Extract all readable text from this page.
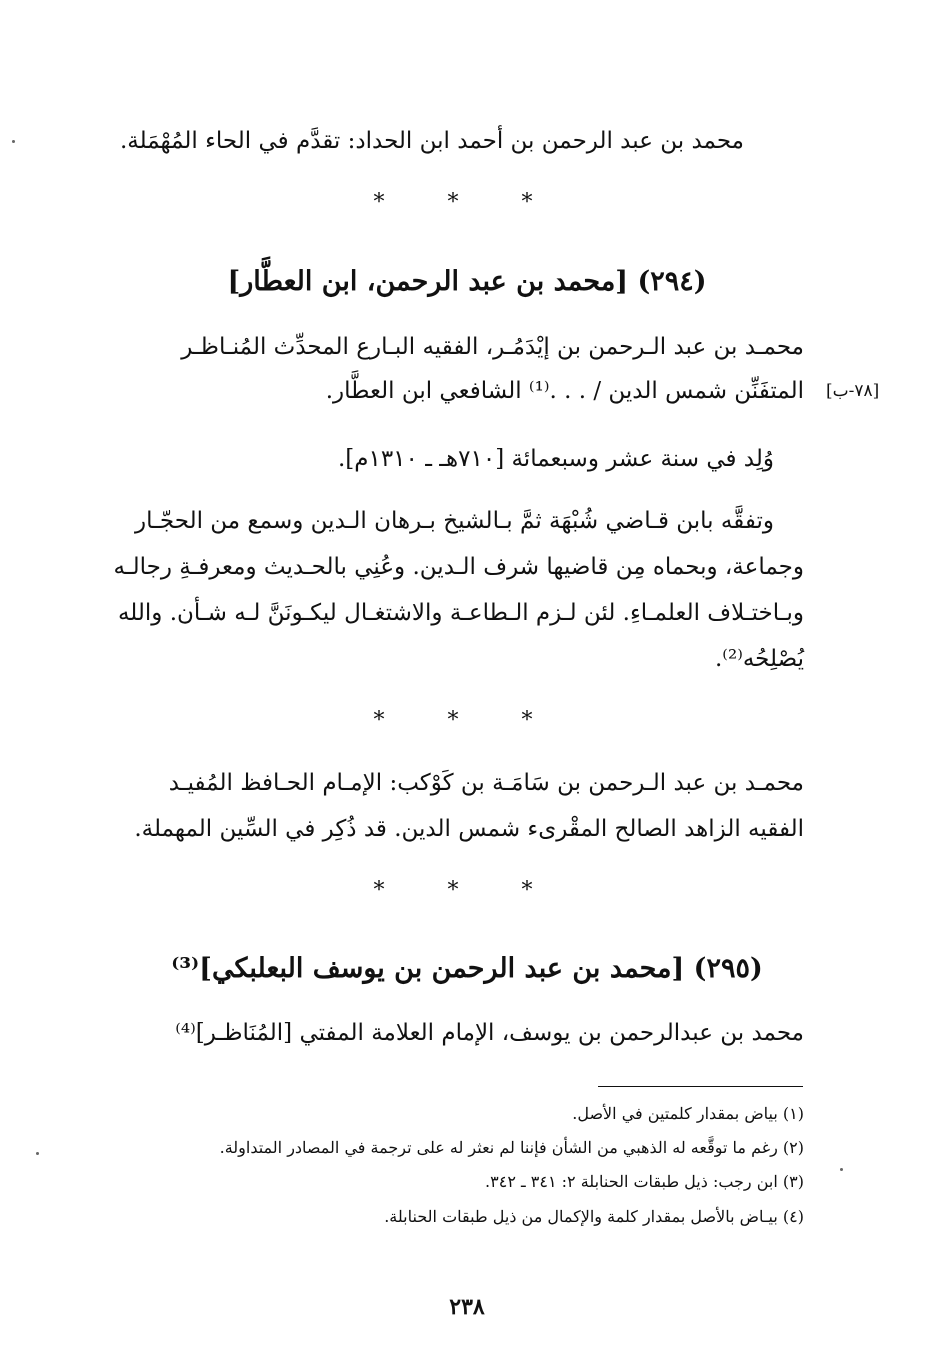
محمد بن عبد الرحمن بن أحمد ابن الحداد: تقدَّم في الحاء المُهْمَلة.
* * *
(٢٩٤) [محمد بن عبد الرحمن، ابن العطَّار]
محمـد بن عبد الـرحمن بن إيْدَمُـر، الفقيه البـارع المحدِّث المُنـاظـر
المتفَنِّن شمس الدين / . . .⁽¹⁾ الشافعي ابن العطَّار. [٧٨-ب]
وُلِد في سنة عشر وسبعمائة [٧١٠هـ ـ ١٣١٠م].
وتفقَّه بابن قـاضي شُبْهَة ثمَّ بـالشيخ بـرهان الـدين وسمع من الحجّـار
وجماعة، وبحماه مِن قاضيها شرف الـدين. وعُنِي بالحـديث ومعرفـةِ رجالـه
وبـاختـلاف العلمـاءِ. لئن لـزم الـطاعـة والاشتغـال ليكـونَنَّ لـه شـأن. والله
يُصْلِحُه⁽²⁾.
* * *
محمـد بن عبد الـرحمن بن سَامَـة بن كَوْكب: الإمـام الحـافظ المُفيـد
الفقيه الزاهد الصالح المقْرىء شمس الدين. قد ذُكِر في السِّين المهملة.
* * *
(٢٩٥) [محمد بن عبد الرحمن بن يوسف البعلبكي]⁽³⁾
محمد بن عبدالرحمن بن يوسف، الإمام العلامة المفتي [المُنَاظـر]⁽⁴⁾
(١) بياض بمقدار كلمتين في الأصل.
(٢) رغم ما توقَّعه له الذهبي من الشأن فإننا لم نعثر له على ترجمة في المصادر المتداولة.
(٣) ابن رجب: ذيل طبقات الحنابلة ٢: ٣٤١ ـ ٣٤٢.
(٤) بيـاض بالأصل بمقدار كلمة والإكمال من ذيل طبقات الحنابلة.
٢٣٨
